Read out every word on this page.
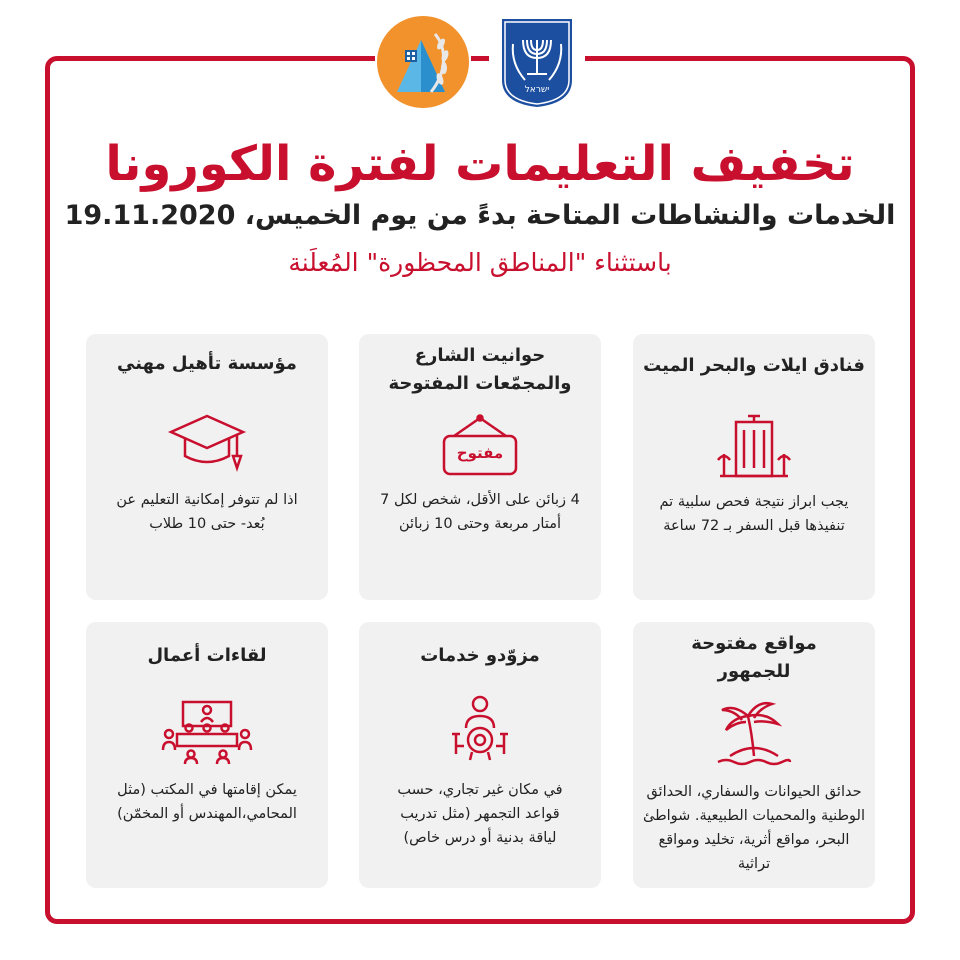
ישראל
تخفيف التعليمات لفترة الكورونا
الخدمات والنشاطات المتاحة بدءً من يوم الخميس، 19.11.2020
باستثناء "المناطق المحظورة" المُعلَنة
فنادق ايلات والبحر الميت
يجب ابراز نتيجة فحص سلبية تم تنفيذها قبل السفر بـ 72 ساعة
حوانيت الشارع والمجمّعات المفتوحة
مفتوح
4 زبائن على الأقل، شخص لكل 7 أمتار مربعة وحتى 10 زبائن
مؤسسة تأهيل مهني
اذا لم تتوفر إمكانية التعليم عن بُعد- حتى 10 طلاب
مواقع مفتوحة للجمهور
حدائق الحيوانات والسفاري، الحدائق الوطنية والمحميات الطبيعية. شواطئ البحر، مواقع أثرية، تخليد ومواقع تراثية
مزوّدو خدمات
في مكان غير تجاري، حسب قواعد التجمهر (مثل تدريب لياقة بدنية أو درس خاص)
لقاءات أعمال
يمكن إقامتها في المكتب (مثل المحامي،المهندس أو المخمّن)
